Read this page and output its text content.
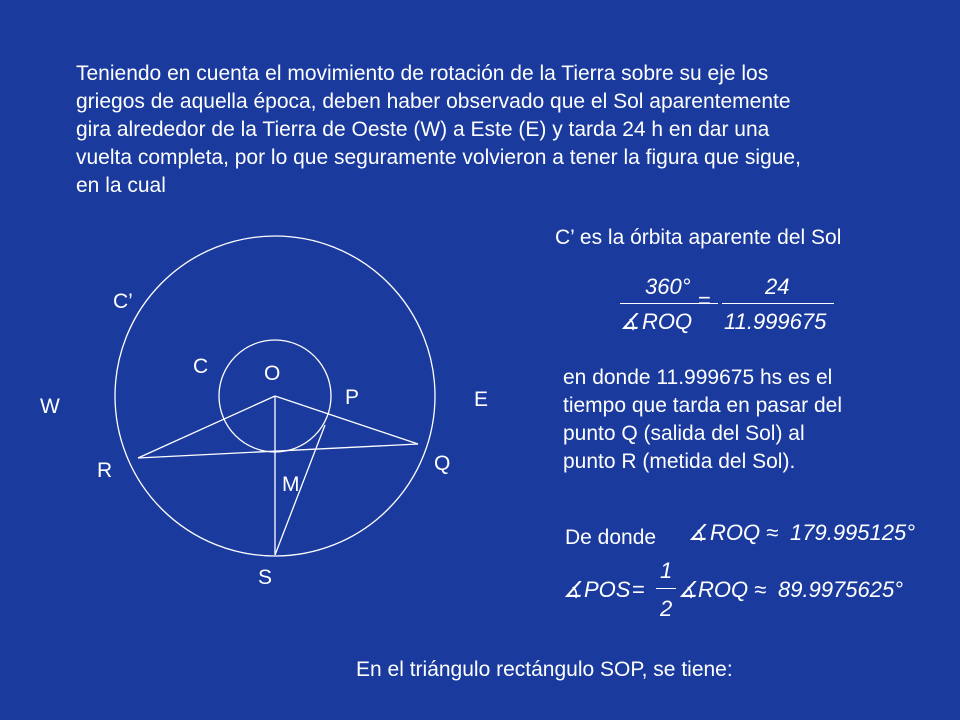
Teniendo en cuenta el movimiento de rotación de la Tierra sobre su eje los
griegos de aquella época, deben haber observado que el Sol aparentemente
gira alrededor de la Tierra de Oeste (W) a Este (E) y tarda 24 h en dar una
vuelta completa, por lo que seguramente volvieron a tener la figura que sigue,
en la cual
C’
C	O
P
W	E
R	Q
M
S
C’ es la órbita aparente del Sol
360°
∡ ROQ
=
24
11.999675
en donde 11.999675 hs es el
tiempo que tarda en pasar del
punto Q (salida del Sol) al
punto R (metida del Sol).
De donde ∡ ROQ ≈ 179.995125°
∡ POS =
1
2
∡ ROQ ≈ 89.9975625°
En el triángulo rectángulo SOP, se tiene:
